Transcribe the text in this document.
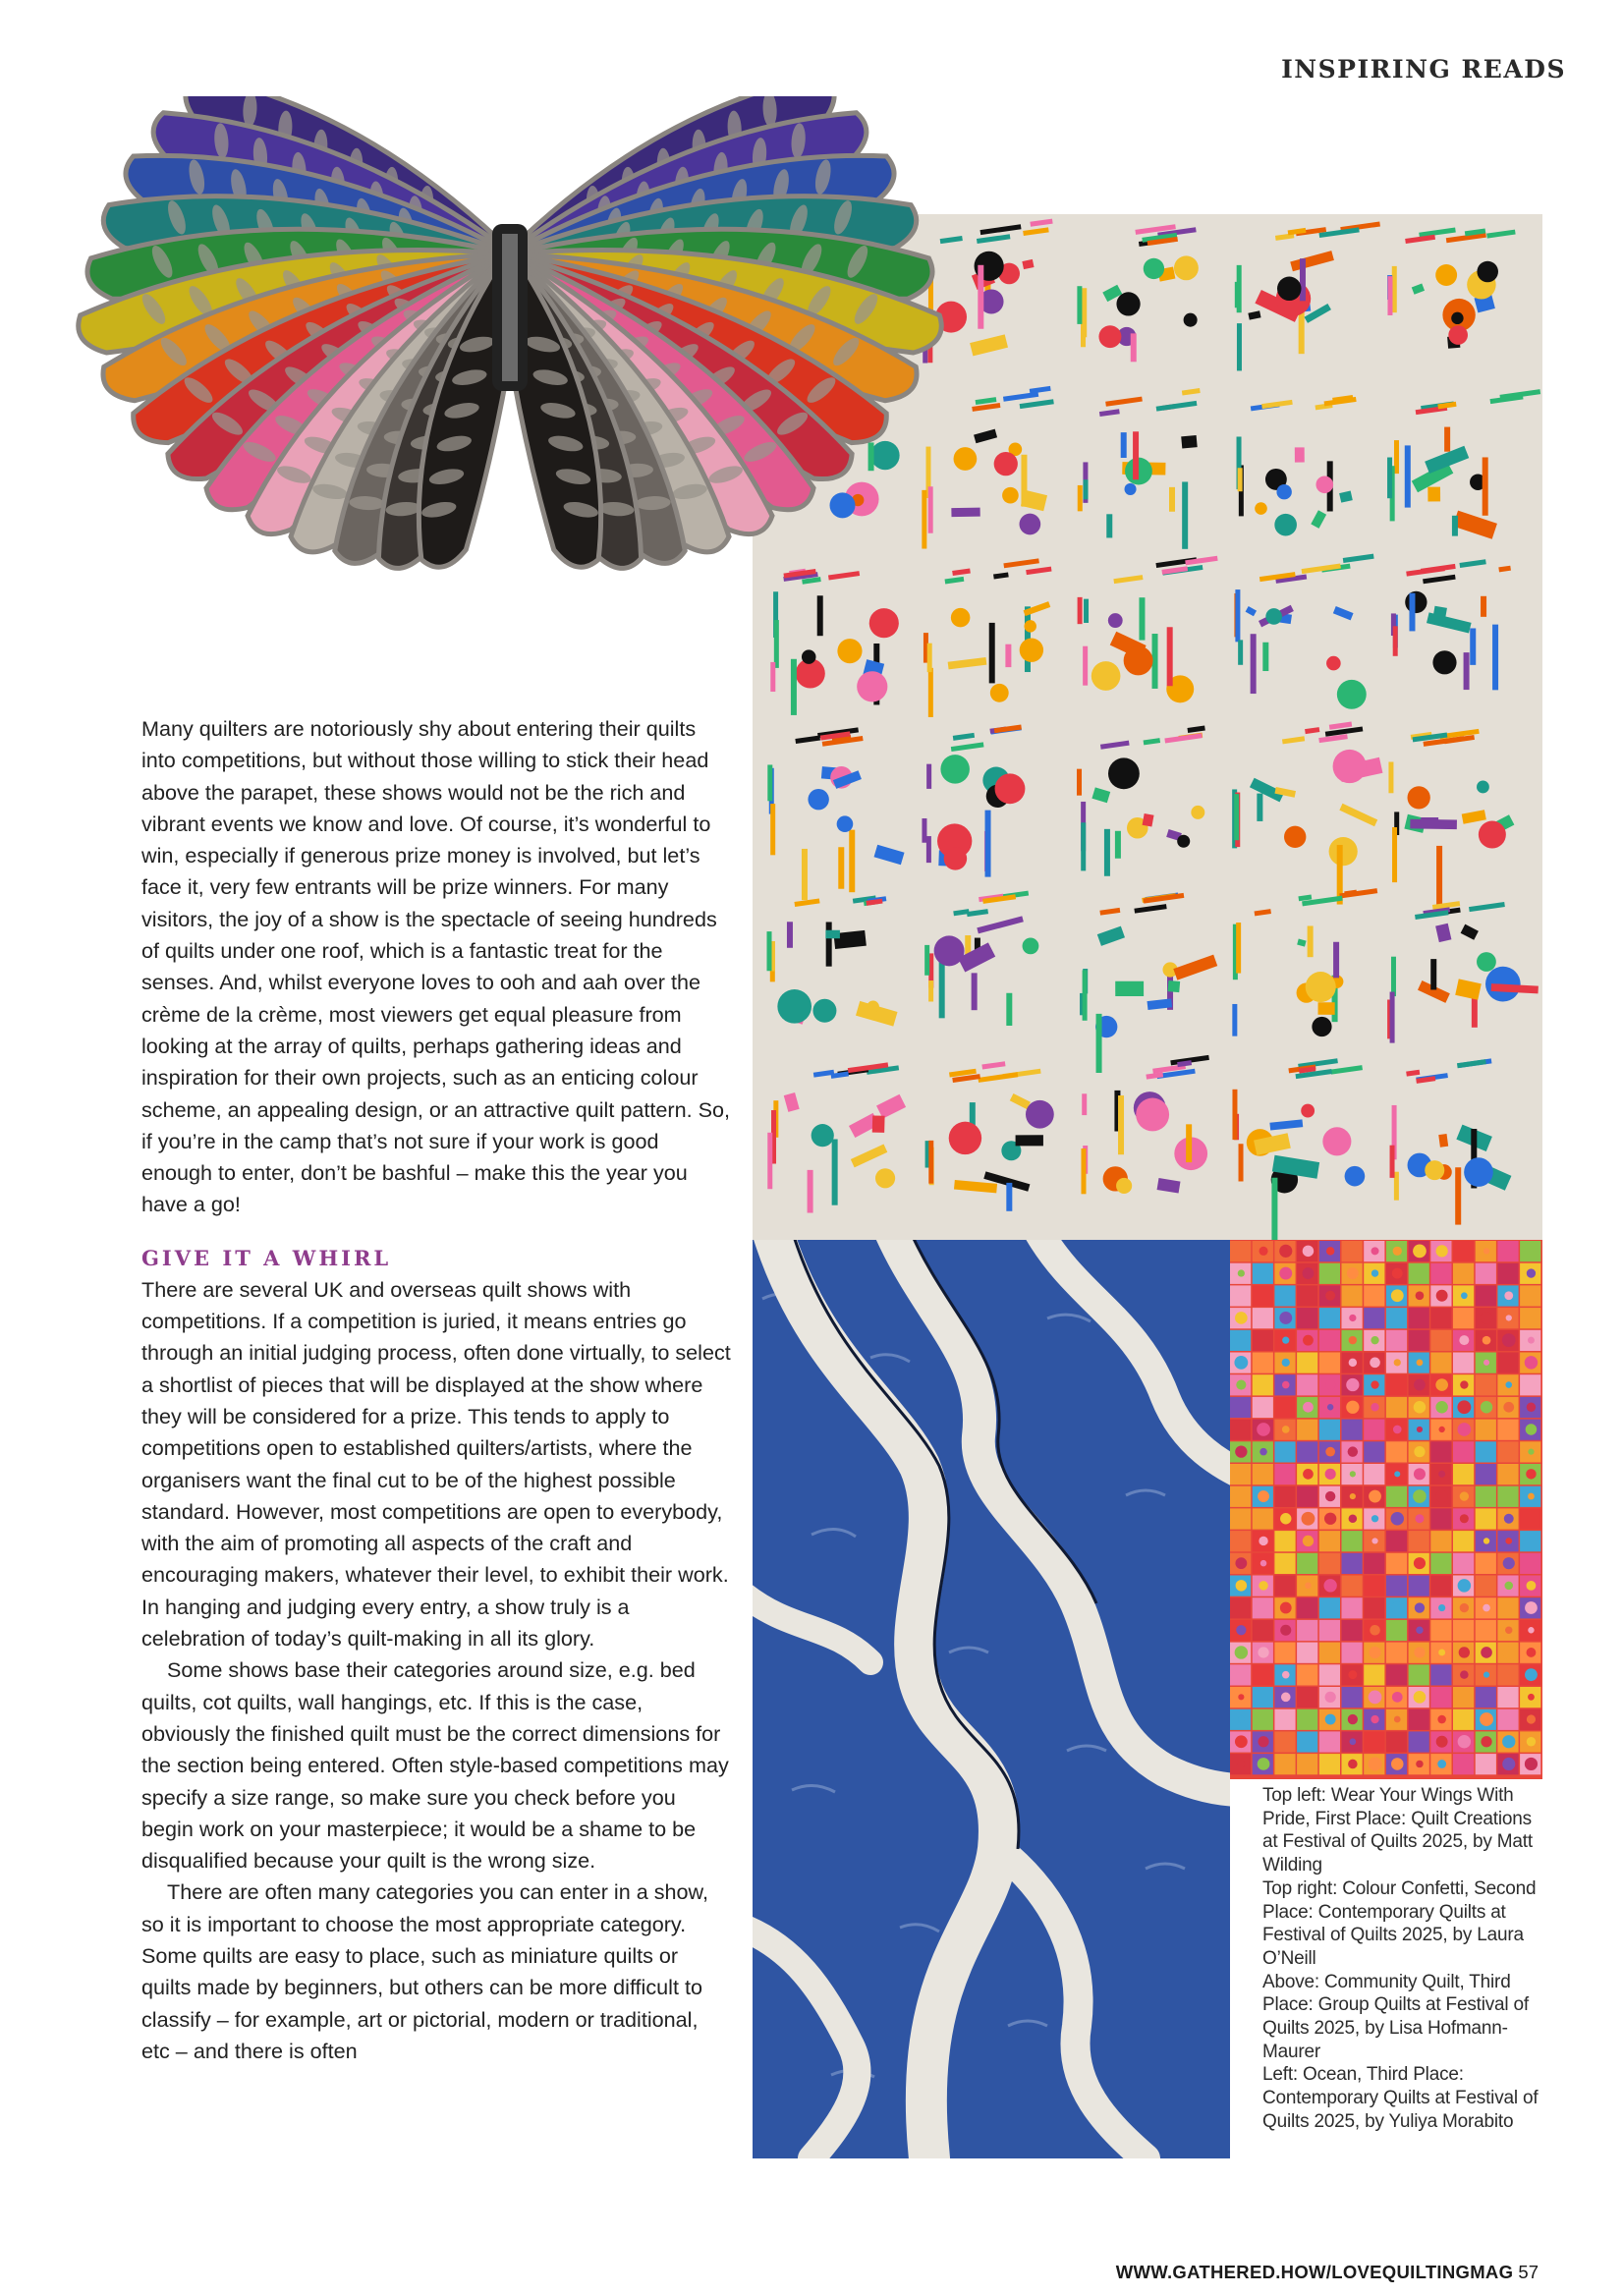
INSPIRING READS

Many quilters are notoriously shy about entering their quilts into competitions, but without those willing to stick their head above the parapet, these shows would not be the rich and vibrant events we know and love. Of course, it’s wonderful to win, especially if generous prize money is involved, but let’s face it, very few entrants will be prize winners. For many visitors, the joy of a show is the spectacle of seeing hundreds of quilts under one roof, which is a fantastic treat for the senses. And, whilst everyone loves to ooh and aah over the crème de la crème, most viewers get equal pleasure from looking at the array of quilts, perhaps gathering ideas and inspiration for their own projects, such as an enticing colour scheme, an appealing design, or an attractive quilt pattern. So, if you’re in the camp that’s not sure if your work is good enough to enter, don’t be bashful – make this the year you have a go!

GIVE IT A WHIRL

There are several UK and overseas quilt shows with competitions. If a competition is juried, it means entries go through an initial judging process, often done virtually, to select a shortlist of pieces that will be displayed at the show where they will be considered for a prize. This tends to apply to competitions open to established quilters/artists, where the organisers want the final cut to be of the highest possible standard. However, most competitions are open to everybody, with the aim of promoting all aspects of the craft and encouraging makers, whatever their level, to exhibit their work. In hanging and judging every entry, a show truly is a celebration of today’s quilt-making in all its glory.

Some shows base their categories around size, e.g. bed quilts, cot quilts, wall hangings, etc. If this is the case, obviously the finished quilt must be the correct dimensions for the section being entered. Often style-based competitions may specify a size range, so make sure you check before you begin work on your masterpiece; it would be a shame to be disqualified because your quilt is the wrong size.

There are often many categories you can enter in a show, so it is important to choose the most appropriate category. Some quilts are easy to place, such as miniature quilts or quilts made by beginners, but others can be more difficult to classify – for example, art or pictorial, modern or traditional, etc – and there is often

Top left: Wear Your Wings With Pride, First Place: Quilt Creations at Festival of Quilts 2025, by Matt Wilding

Top right: Colour Confetti, Second Place: Contemporary Quilts at Festival of Quilts 2025, by Laura O’Neill

Above: Community Quilt, Third Place: Group Quilts at Festival of Quilts 2025, by Lisa Hofmann-Maurer

Left: Ocean, Third Place: Contemporary Quilts at Festival of Quilts 2025, by Yuliya Morabito

WWW.GATHERED.HOW/LOVEQUILTINGMAG 57
